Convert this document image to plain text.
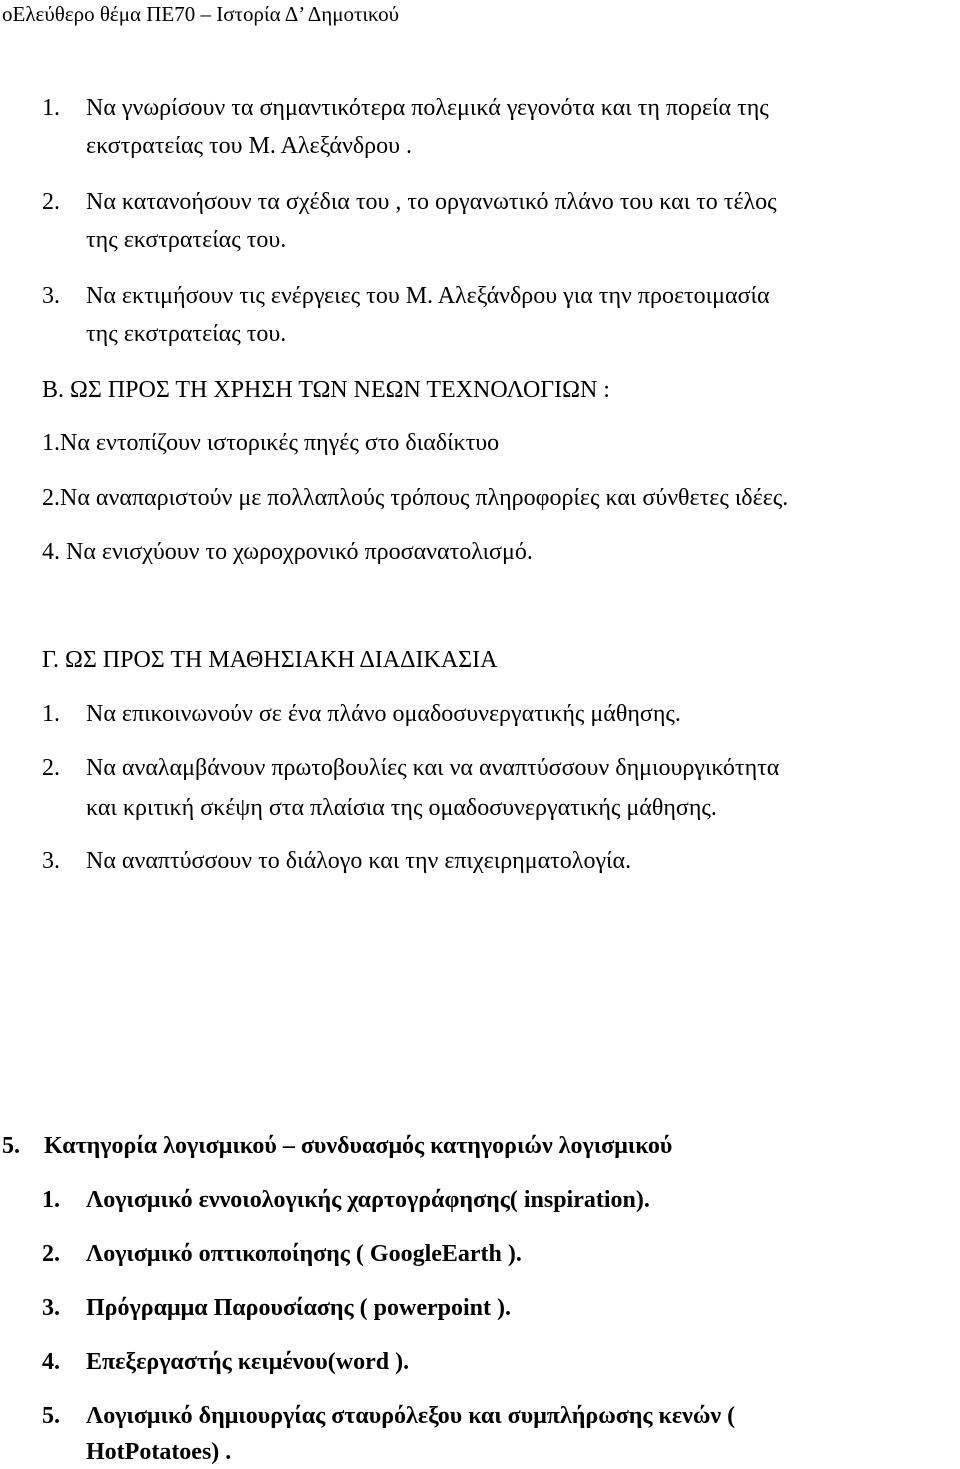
oΕλεύθερο θέμα ΠΕ70 – Ιστορία Δ’ Δημοτικού
1. Να γνωρίσουν τα σημαντικότερα πολεμικά γεγονότα και τη πορεία της
εκστρατείας του Μ. Αλεξάνδρου .
2. Να κατανοήσουν τα σχέδια του , το οργανωτικό πλάνο του και το τέλος
της εκστρατείας του.
3. Να εκτιμήσουν τις ενέργειες του Μ. Αλεξάνδρου για την προετοιμασία
της εκστρατείας του.
Β. ΩΣ ΠΡΟΣ ΤΗ ΧΡΗΣΗ ΤΩΝ ΝΕΩΝ ΤΕΧΝΟΛΟΓΙΩΝ :
1.Να εντοπίζουν ιστορικές πηγές στο διαδίκτυο
2.Να αναπαριστούν με πολλαπλούς τρόπους πληροφορίες και σύνθετες ιδέες.
4. Να ενισχύουν το χωροχρονικό προσανατολισμό.
Γ. ΩΣ ΠΡΟΣ ΤΗ ΜΑΘΗΣΙΑΚΗ ΔΙΑΔΙΚΑΣΙΑ
1. Να επικοινωνούν σε ένα πλάνο ομαδοσυνεργατικής μάθησης.
2. Να αναλαμβάνουν πρωτοβουλίες και να αναπτύσσουν δημιουργικότητα
και κριτική σκέψη στα πλαίσια της ομαδοσυνεργατικής μάθησης.
3. Να αναπτύσσουν το διάλογο και την επιχειρηματολογία.
5. Κατηγορία λογισμικού – συνδυασμός κατηγοριών λογισμικού
1. Λογισμικό εννοιολογικής χαρτογράφησης( inspiration).
2. Λογισμικό οπτικοποίησης ( GoogleEarth ).
3. Πρόγραμμα Παρουσίασης ( powerpoint ).
4. Επεξεργαστής κειμένου(word ).
5. Λογισμικό δημιουργίας σταυρόλεξου και συμπλήρωσης κενών (
HotPotatoes) .
